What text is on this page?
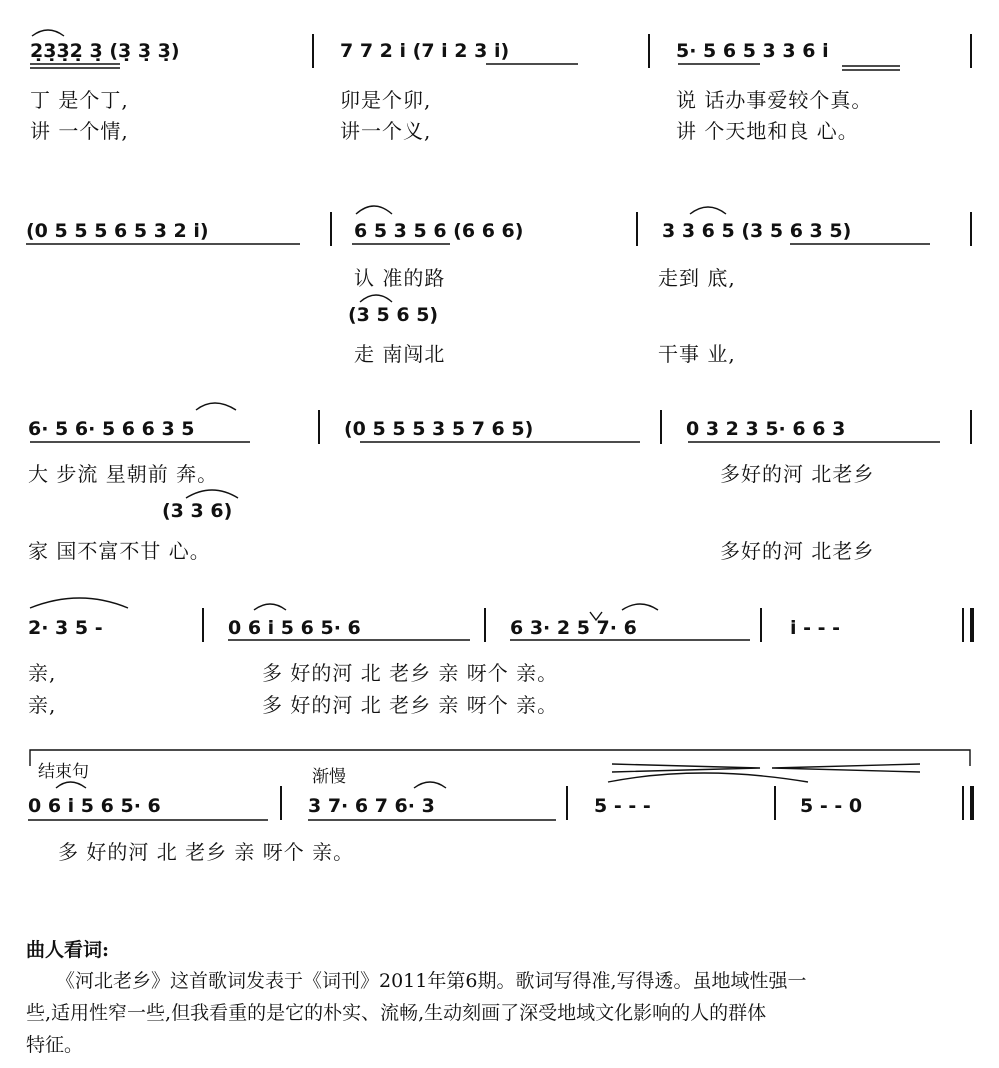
2̣3̣3̣2̣ 3̣ (3̣ 3̣ 3̣)	7 7 2 i (7 i 2 3 i)	5· 5 6 5 3 3 6 i
丁 是个丁,	卯是个卯,	说 话办事爱较个真。
讲 一个情,	讲一个义,	讲 个天地和良 心。
(0 5 5 5 6 5 3 2 i)	6 5 3 5 6 (6 6 6)	3 3 6 5 (3 5 6 3 5)
认 准的路	走到 底,
(3 5 6 5)
走 南闯北	干事 业,
6· 5 6· 5 6 6 3 5	(0 5 5 5 3 5 7 6 5)	0 3 2 3 5· 6 6 3
大 步流 星朝前 奔。	多好的河 北老乡
(3 3 6)
家 国不富不甘 心。	多好的河 北老乡
2· 3 5 -	0 6 i 5 6 5· 6	6 3· 2 5 7· 6	i - - -
亲,	多 好的河 北 老乡 亲 呀个 亲。
亲,	多 好的河 北 老乡 亲 呀个 亲。
结束句	渐慢
0 6 i 5 6 5· 6	3 7· 6 7 6· 3	5 - - -	5 - - 0
多 好的河 北 老乡 亲 呀个 亲。
曲人看词:
《河北老乡》这首歌词发表于《词刊》2011年第6期。歌词写得准,写得透。虽地域性强一
些,适用性窄一些,但我看重的是它的朴实、流畅,生动刻画了深受地域文化影响的人的群体
特征。
